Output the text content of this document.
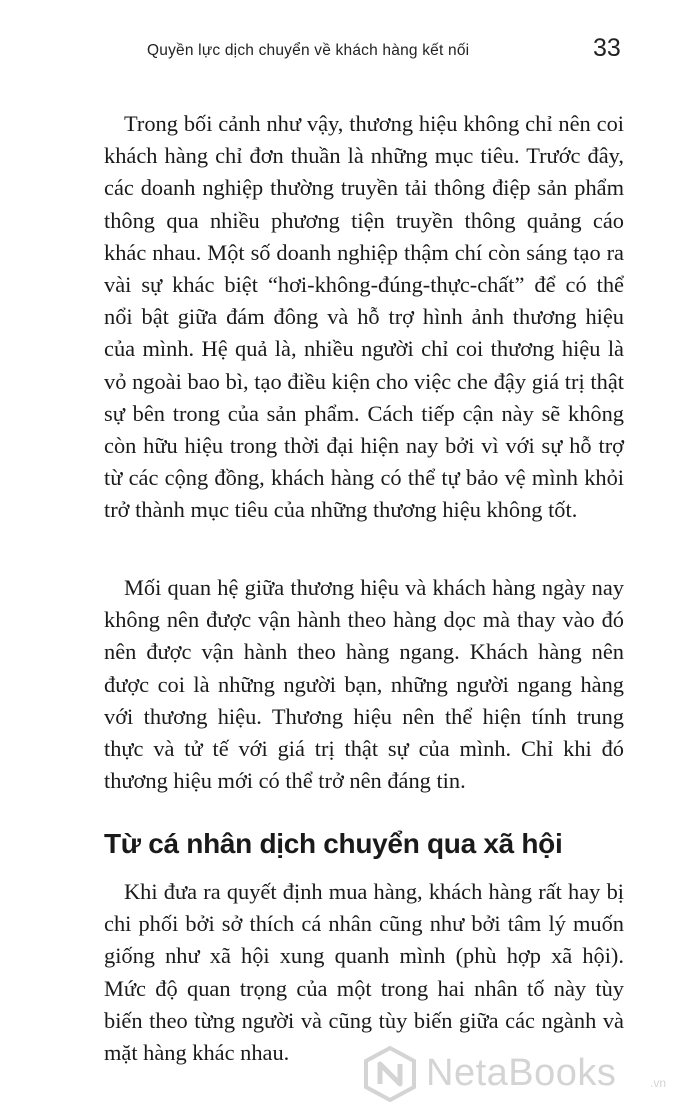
Quyền lực dịch chuyển về khách hàng kết nối	33

Trong bối cảnh như vậy, thương hiệu không chỉ nên coi khách hàng chỉ đơn thuần là những mục tiêu. Trước đây, các doanh nghiệp thường truyền tải thông điệp sản phẩm thông qua nhiều phương tiện truyền thông quảng cáo khác nhau. Một số doanh nghiệp thậm chí còn sáng tạo ra vài sự khác biệt “hơi-không-đúng-thực-chất” để có thể nổi bật giữa đám đông và hỗ trợ hình ảnh thương hiệu của mình. Hệ quả là, nhiều người chỉ coi thương hiệu là vỏ ngoài bao bì, tạo điều kiện cho việc che đậy giá trị thật sự bên trong của sản phẩm. Cách tiếp cận này sẽ không còn hữu hiệu trong thời đại hiện nay bởi vì với sự hỗ trợ từ các cộng đồng, khách hàng có thể tự bảo vệ mình khỏi trở thành mục tiêu của những thương hiệu không tốt.

Mối quan hệ giữa thương hiệu và khách hàng ngày nay không nên được vận hành theo hàng dọc mà thay vào đó nên được vận hành theo hàng ngang. Khách hàng nên được coi là những người bạn, những người ngang hàng với thương hiệu. Thương hiệu nên thể hiện tính trung thực và tử tế với giá trị thật sự của mình. Chỉ khi đó thương hiệu mới có thể trở nên đáng tin.

Từ cá nhân dịch chuyển qua xã hội

Khi đưa ra quyết định mua hàng, khách hàng rất hay bị chi phối bởi sở thích cá nhân cũng như bởi tâm lý muốn giống như xã hội xung quanh mình (phù hợp xã hội). Mức độ quan trọng của một trong hai nhân tố này tùy biến theo từng người và cũng tùy biến giữa các ngành và mặt hàng khác nhau.	NetaBooks	.vn
